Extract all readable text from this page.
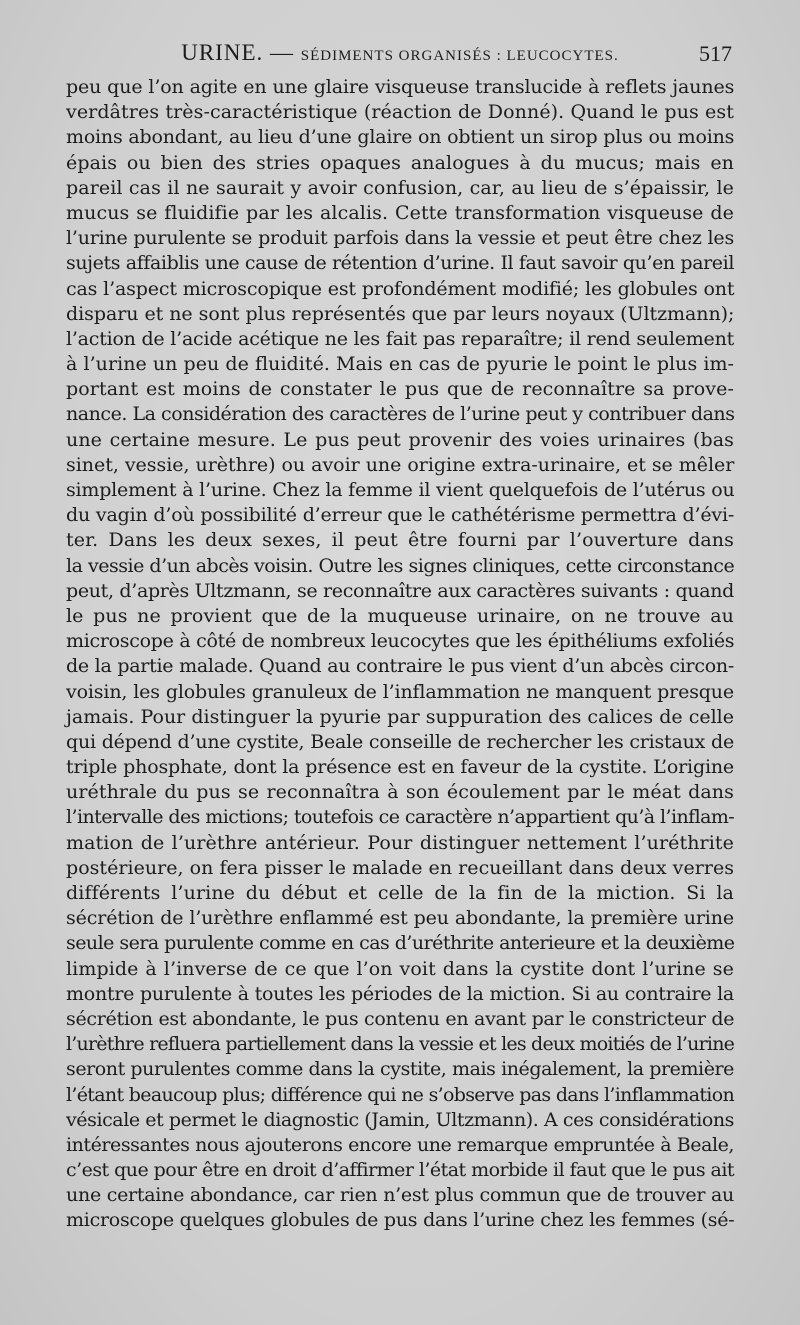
URINE. — SÉDIMENTS ORGANISÉS : LEUCOCYTES.	517
peu que l’on agite en une glaire visqueuse translucide à reflets jaunes
verdâtres très-caractéristique (réaction de Donné). Quand le pus est
moins abondant, au lieu d’une glaire on obtient un sirop plus ou moins
épais ou bien des stries opaques analogues à du mucus; mais en
pareil cas il ne saurait y avoir confusion, car, au lieu de s’épaissir, le
mucus se fluidifie par les alcalis. Cette transformation visqueuse de
l’urine purulente se produit parfois dans la vessie et peut être chez les
sujets affaiblis une cause de rétention d’urine. Il faut savoir qu’en pareil
cas l’aspect microscopique est profondément modifié; les globules ont
disparu et ne sont plus représentés que par leurs noyaux (Ultzmann);
l’action de l’acide acétique ne les fait pas reparaître; il rend seulement
à l’urine un peu de fluidité. Mais en cas de pyurie le point le plus im-
portant est moins de constater le pus que de reconnaître sa prove-
nance. La considération des caractères de l’urine peut y contribuer dans
une certaine mesure. Le pus peut provenir des voies urinaires (bas
sinet, vessie, urèthre) ou avoir une origine extra-urinaire, et se mêler
simplement à l’urine. Chez la femme il vient quelquefois de l’utérus ou
du vagin d’où possibilité d’erreur que le cathétérisme permettra d’évi-
ter. Dans les deux sexes, il peut être fourni par l’ouverture dans
la vessie d’un abcès voisin. Outre les signes cliniques, cette circonstance
peut, d’après Ultzmann, se reconnaître aux caractères suivants : quand
le pus ne provient que de la muqueuse urinaire, on ne trouve au
microscope à côté de nombreux leucocytes que les épithéliums exfoliés
de la partie malade. Quand au contraire le pus vient d’un abcès circon-
voisin, les globules granuleux de l’inflammation ne manquent presque
jamais. Pour distinguer la pyurie par suppuration des calices de celle
qui dépend d’une cystite, Beale conseille de rechercher les cristaux de
triple phosphate, dont la présence est en faveur de la cystite. L’origine
uréthrale du pus se reconnaîtra à son écoulement par le méat dans
l’intervalle des mictions; toutefois ce caractère n’appartient qu’à l’inflam-
mation de l’urèthre antérieur. Pour distinguer nettement l’uréthrite
postérieure, on fera pisser le malade en recueillant dans deux verres
différents l’urine du début et celle de la fin de la miction. Si la
sécrétion de l’urèthre enflammé est peu abondante, la première urine
seule sera purulente comme en cas d’uréthrite anterieure et la deuxième
limpide à l’inverse de ce que l’on voit dans la cystite dont l’urine se
montre purulente à toutes les périodes de la miction. Si au contraire la
sécrétion est abondante, le pus contenu en avant par le constricteur de
l’urèthre refluera partiellement dans la vessie et les deux moitiés de l’urine
seront purulentes comme dans la cystite, mais inégalement, la première
l’étant beaucoup plus; différence qui ne s’observe pas dans l’inflammation
vésicale et permet le diagnostic (Jamin, Ultzmann). A ces considérations
intéressantes nous ajouterons encore une remarque empruntée à Beale,
c’est que pour être en droit d’affirmer l’état morbide il faut que le pus ait
une certaine abondance, car rien n’est plus commun que de trouver au
microscope quelques globules de pus dans l’urine chez les femmes (sé-
